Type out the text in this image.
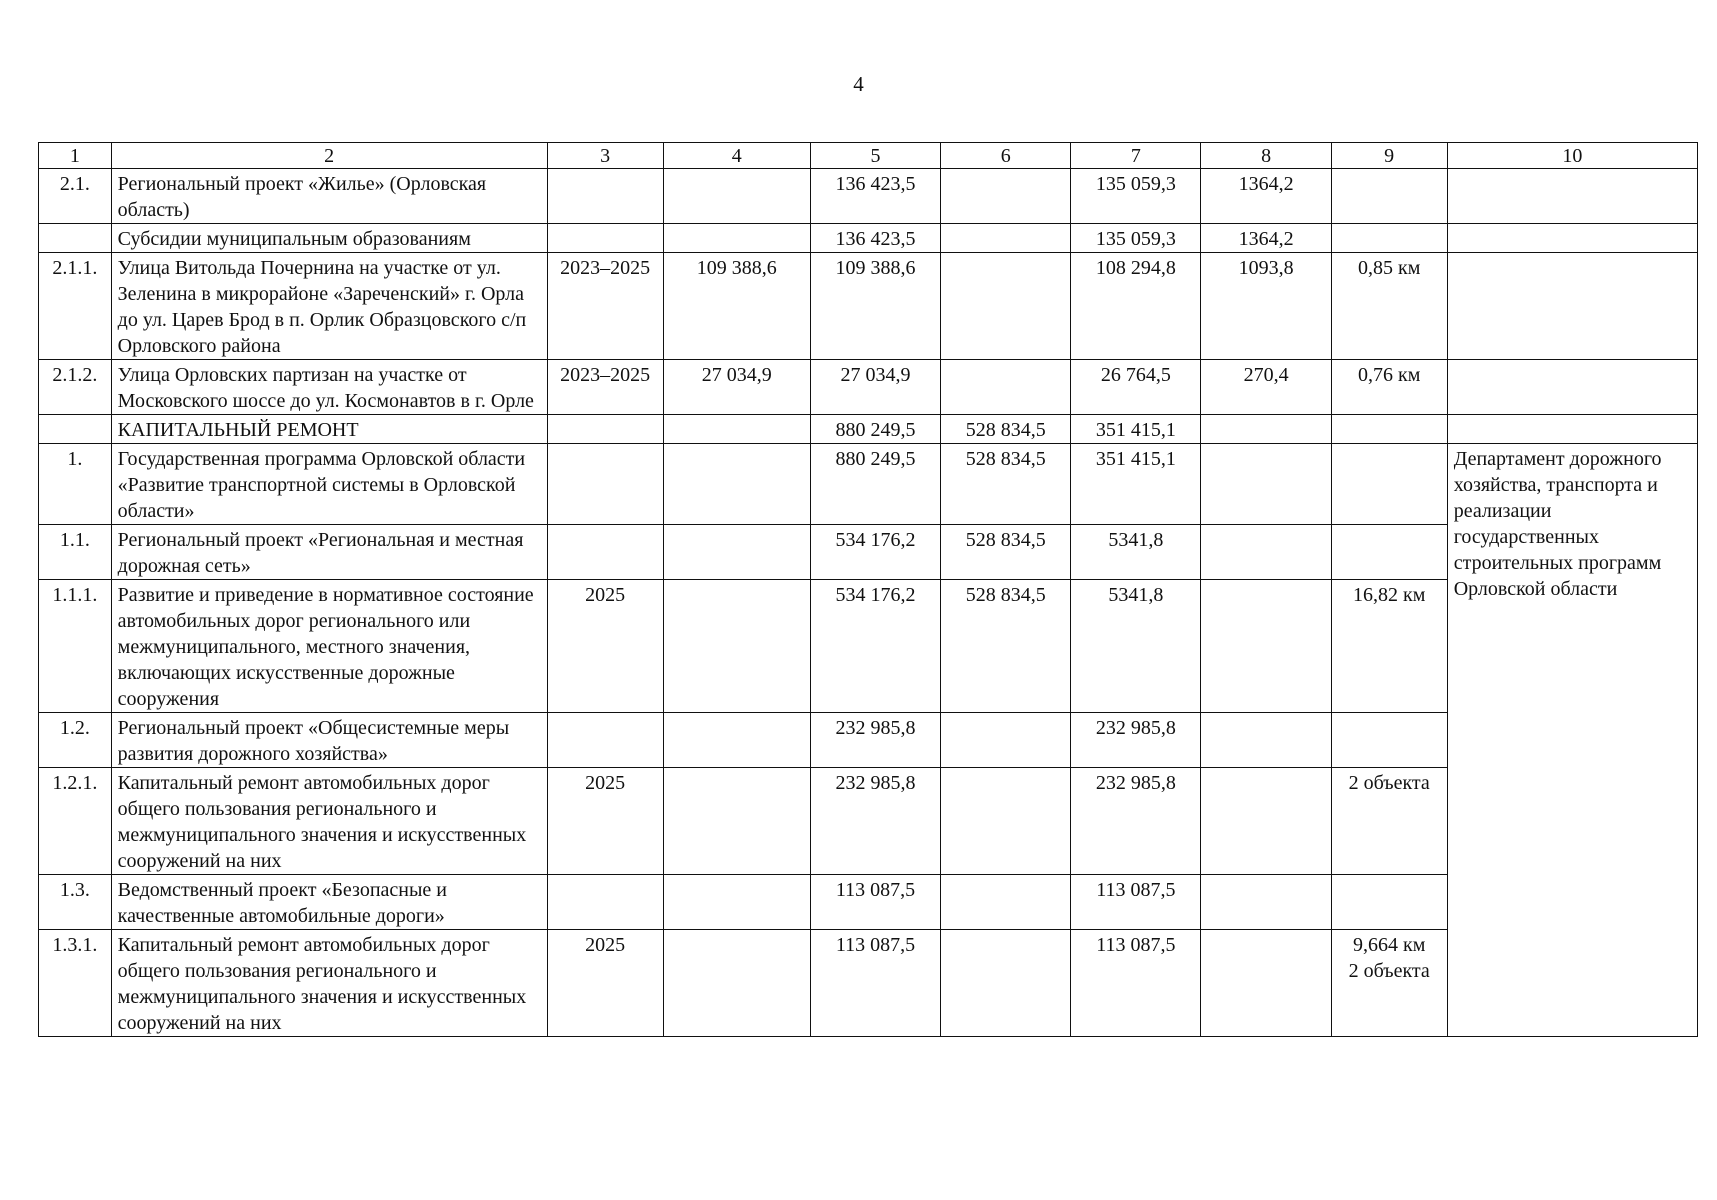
4
1	2	3	4	5	6	7	8	9	10
2.1.	Региональный проект «Жилье» (Орловская область)			136 423,5		135 059,3	1364,2		
	Субсидии муниципальным образованиям			136 423,5		135 059,3	1364,2		
2.1.1.	Улица Витольда Почернина на участке от ул. Зеленина в микрорайоне «Зареченский» г. Орла до ул. Царев Брод в п. Орлик Образцовского с/п Орловского района	2023–2025	109 388,6	109 388,6		108 294,8	1093,8	0,85 км	
2.1.2.	Улица Орловских партизан на участке от Московского шоссе до ул. Космонавтов в г. Орле	2023–2025	27 034,9	27 034,9		26 764,5	270,4	0,76 км	
	КАПИТАЛЬНЫЙ РЕМОНТ			880 249,5	528 834,5	351 415,1			
1.	Государственная программа Орловской области «Развитие транспортной системы в Орловской области»			880 249,5	528 834,5	351 415,1			Департамент дорожного хозяйства, транспорта и реализации государственных строительных программ Орловской области
1.1.	Региональный проект «Региональная и местная дорожная сеть»			534 176,2	528 834,5	5341,8			
1.1.1.	Развитие и приведение в нормативное состояние автомобильных дорог регионального или межмуниципального, местного значения, включающих искусственные дорожные сооружения	2025		534 176,2	528 834,5	5341,8		16,82 км	
1.2.	Региональный проект «Общесистемные меры развития дорожного хозяйства»			232 985,8		232 985,8			
1.2.1.	Капитальный ремонт автомобильных дорог общего пользования регионального и межмуниципального значения и искусственных сооружений на них	2025		232 985,8		232 985,8		2 объекта	
1.3.	Ведомственный проект «Безопасные и качественные автомобильные дороги»			113 087,5		113 087,5			
1.3.1.	Капитальный ремонт автомобильных дорог общего пользования регионального и межмуниципального значения и искусственных сооружений на них	2025		113 087,5		113 087,5		9,664 км
2 объекта	
